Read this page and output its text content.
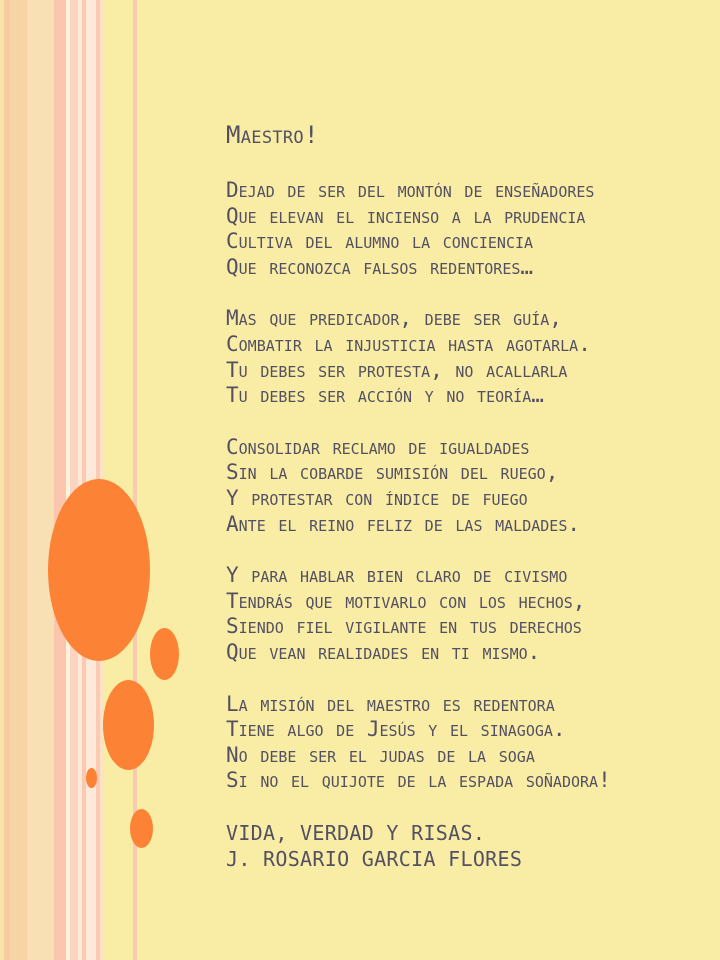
Maestro!
Dejad de ser del montón de enseñadores
Que elevan el incienso a la prudencia
Cultiva del alumno la conciencia
Que reconozca falsos redentores…
Mas que predicador, debe ser guía,
Combatir la injusticia hasta agotarla.
Tu debes ser protesta, no acallarla
Tu debes ser acción y no teoría…
Consolidar reclamo de igualdades
Sin la cobarde sumisión del ruego,
Y protestar con índice de fuego
Ante el reino feliz de las maldades.
Y para hablar bien claro de civismo
Tendrás que motivarlo con los hechos,
Siendo fiel vigilante en tus derechos
Que vean realidades en ti mismo.
La misión del maestro es redentora
Tiene algo de Jesús y el sinagoga.
No debe ser el judas de la soga
Si no el quijote de la espada soñadora!
VIDA, VERDAD Y RISAS.
J. ROSARIO GARCIA FLORES
